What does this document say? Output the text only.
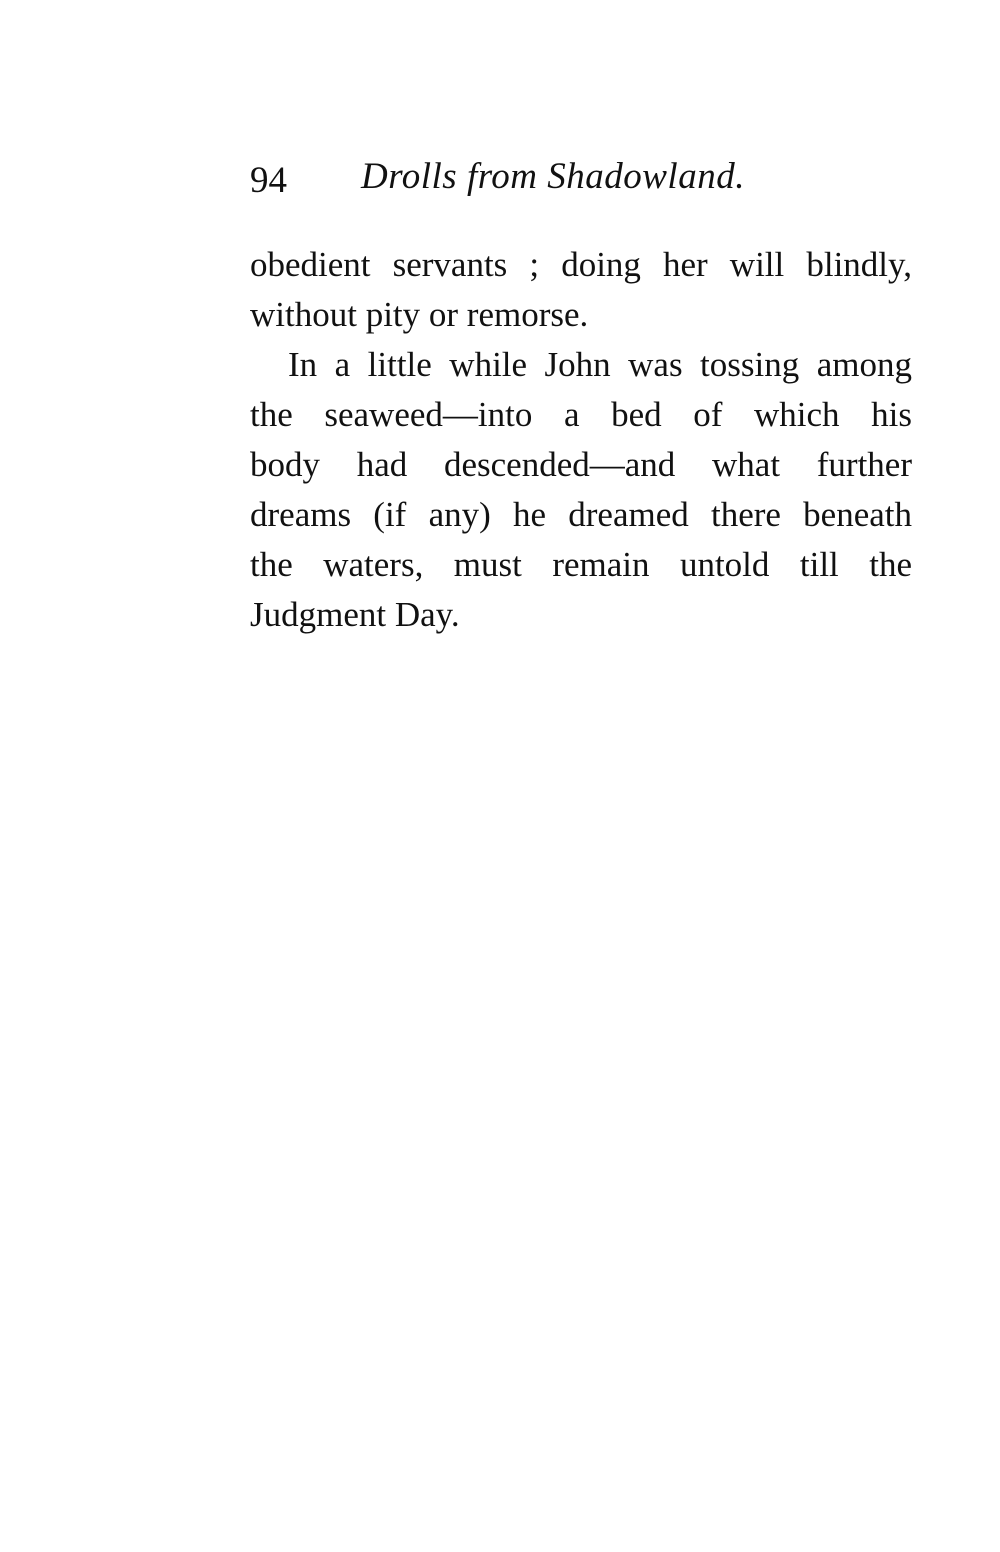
94 Drolls from Shadowland.
obedient servants ; doing her will blindly,
without pity or remorse.
In a little while John was tossing among
the seaweed—into a bed of which his
body had descended—and what further
dreams (if any) he dreamed there beneath
the waters, must remain untold till the
Judgment Day.
